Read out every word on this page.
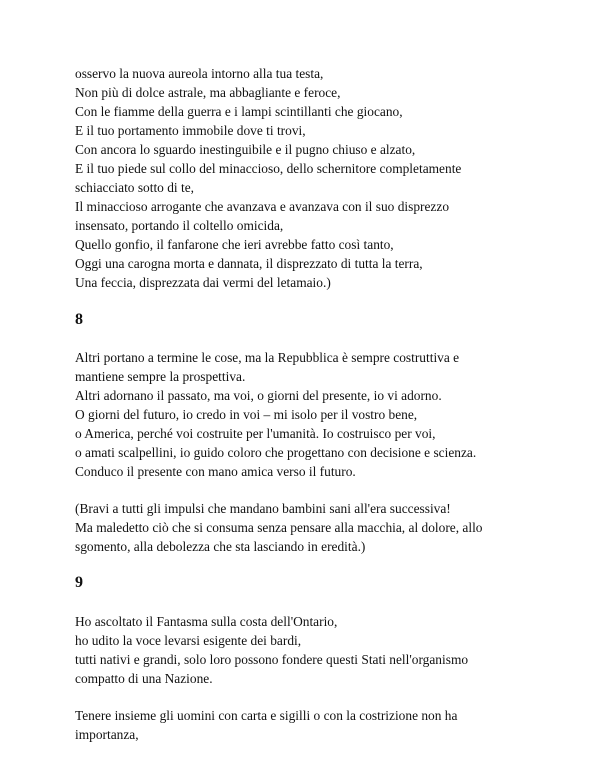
osservo la nuova aureola intorno alla tua testa,
Non più di dolce astrale, ma abbagliante e feroce,
Con le fiamme della guerra e i lampi scintillanti che giocano,
E il tuo portamento immobile dove ti trovi,
Con ancora lo sguardo inestinguibile e il pugno chiuso e alzato,
E il tuo piede sul collo del minaccioso, dello schernitore completamente
schiacciato sotto di te,
Il minaccioso arrogante che avanzava e avanzava con il suo disprezzo
insensato, portando il coltello omicida,
Quello gonfio, il fanfarone che ieri avrebbe fatto così tanto,
Oggi una carogna morta e dannata, il disprezzato di tutta la terra,
Una feccia, disprezzata dai vermi del letamaio.)

8

Altri portano a termine le cose, ma la Repubblica è sempre costruttiva e
mantiene sempre la prospettiva.
Altri adornano il passato, ma voi, o giorni del presente, io vi adorno.
O giorni del futuro, io credo in voi – mi isolo per il vostro bene,
o America, perché voi costruite per l'umanità. Io costruisco per voi,
o amati scalpellini, io guido coloro che progettano con decisione e scienza.
Conduco il presente con mano amica verso il futuro.

(Bravi a tutti gli impulsi che mandano bambini sani all'era successiva!
Ma maledetto ciò che si consuma senza pensare alla macchia, al dolore, allo
sgomento, alla debolezza che sta lasciando in eredità.)

9

Ho ascoltato il Fantasma sulla costa dell'Ontario,
ho udito la voce levarsi esigente dei bardi,
tutti nativi e grandi, solo loro possono fondere questi Stati nell'organismo
compatto di una Nazione.

Tenere insieme gli uomini con carta e sigilli o con la costrizione non ha
importanza,
